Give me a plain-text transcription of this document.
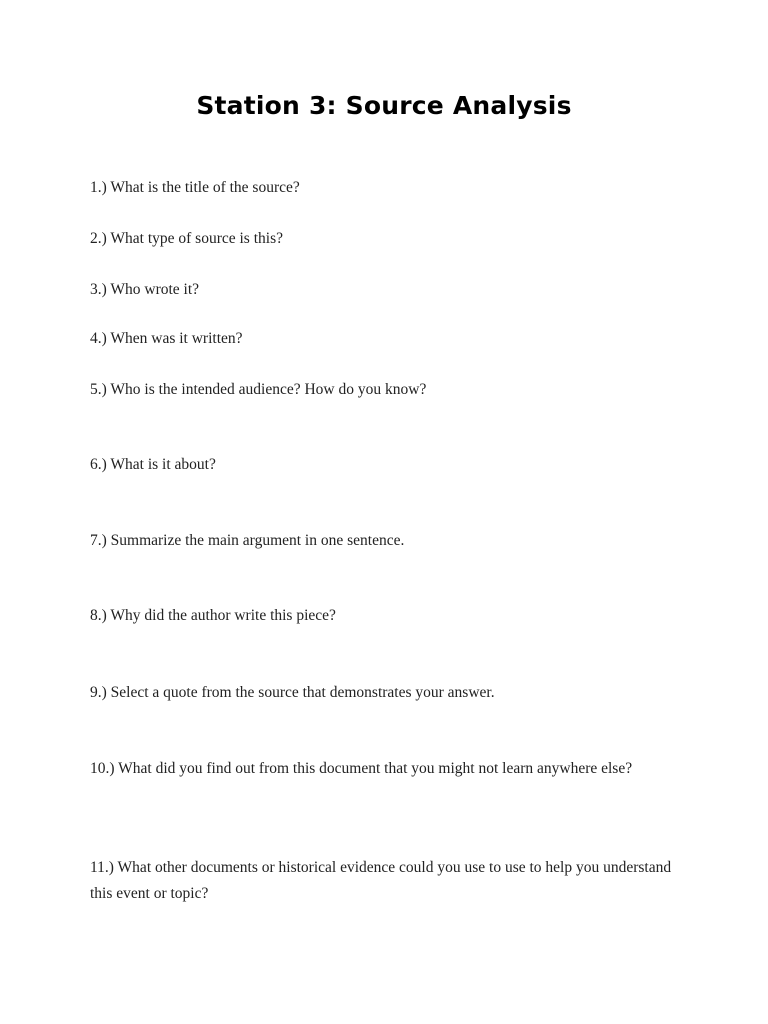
Station 3: Source Analysis

1.) What is the title of the source?

2.) What type of source is this?

3.) Who wrote it?

4.) When was it written?

5.) Who is the intended audience? How do you know?

6.) What is it about?

7.) Summarize the main argument in one sentence.

8.) Why did the author write this piece?

9.) Select a quote from the source that demonstrates your answer.

10.) What did you find out from this document that you might not learn anywhere else?

11.) What other documents or historical evidence could you use to use to help you understand this event or topic?
